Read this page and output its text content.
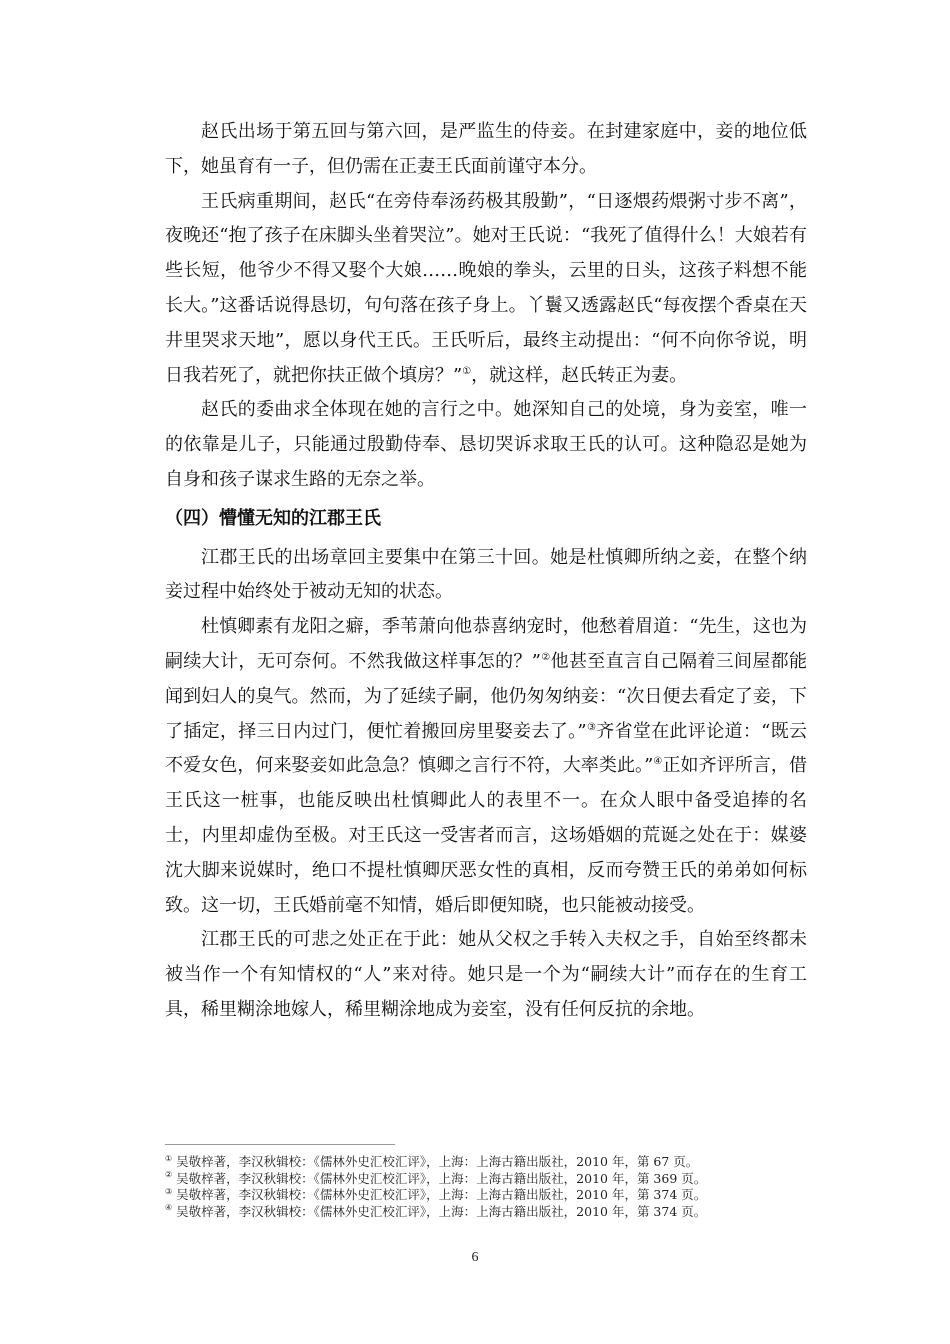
赵氏出场于第五回与第六回，是严监生的侍妾。在封建家庭中，妾的地位低下，她虽育有一子，但仍需在正妻王氏面前谨守本分。

王氏病重期间，赵氏“在旁侍奉汤药极其殷勤”，“日逐煨药煨粥寸步不离”，夜晚还“抱了孩子在床脚头坐着哭泣”。她对王氏说：“我死了值得什么！大娘若有些长短，他爷少不得又娶个大娘……晚娘的拳头，云里的日头，这孩子料想不能长大。”这番话说得恳切，句句落在孩子身上。丫鬟又透露赵氏“每夜摆个香桌在天井里哭求天地”，愿以身代王氏。王氏听后，最终主动提出：“何不向你爷说，明日我若死了，就把你扶正做个填房？”①，就这样，赵氏转正为妻。

赵氏的委曲求全体现在她的言行之中。她深知自己的处境，身为妾室，唯一的依靠是儿子，只能通过殷勤侍奉、恳切哭诉求取王氏的认可。这种隐忍是她为自身和孩子谋求生路的无奈之举。

（四）懵懂无知的江郡王氏

江郡王氏的出场章回主要集中在第三十回。她是杜慎卿所纳之妾，在整个纳妾过程中始终处于被动无知的状态。

杜慎卿素有龙阳之癖，季苇萧向他恭喜纳宠时，他愁着眉道：“先生，这也为嗣续大计，无可奈何。不然我做这样事怎的？”②他甚至直言自己隔着三间屋都能闻到妇人的臭气。然而，为了延续子嗣，他仍匆匆纳妾：“次日便去看定了妾，下了插定，择三日内过门，便忙着搬回房里娶妾去了。”③齐省堂在此评论道：“既云不爱女色，何来娶妾如此急急？慎卿之言行不符，大率类此。”④正如齐评所言，借王氏这一桩事，也能反映出杜慎卿此人的表里不一。在众人眼中备受追捧的名士，内里却虚伪至极。对王氏这一受害者而言，这场婚姻的荒诞之处在于：媒婆沈大脚来说媒时，绝口不提杜慎卿厌恶女性的真相，反而夸赞王氏的弟弟如何标致。这一切，王氏婚前毫不知情，婚后即便知晓，也只能被动接受。

江郡王氏的可悲之处正在于此：她从父权之手转入夫权之手，自始至终都未被当作一个有知情权的“人”来对待。她只是一个为“嗣续大计”而存在的生育工具，稀里糊涂地嫁人，稀里糊涂地成为妾室，没有任何反抗的余地。

① 吴敬梓著，李汉秋辑校：《儒林外史汇校汇评》，上海：上海古籍出版社，2010 年，第 67 页。
② 吴敬梓著，李汉秋辑校：《儒林外史汇校汇评》，上海：上海古籍出版社，2010 年，第 369 页。
③ 吴敬梓著，李汉秋辑校：《儒林外史汇校汇评》，上海：上海古籍出版社，2010 年，第 374 页。
④ 吴敬梓著，李汉秋辑校：《儒林外史汇校汇评》，上海：上海古籍出版社，2010 年，第 374 页。
6
